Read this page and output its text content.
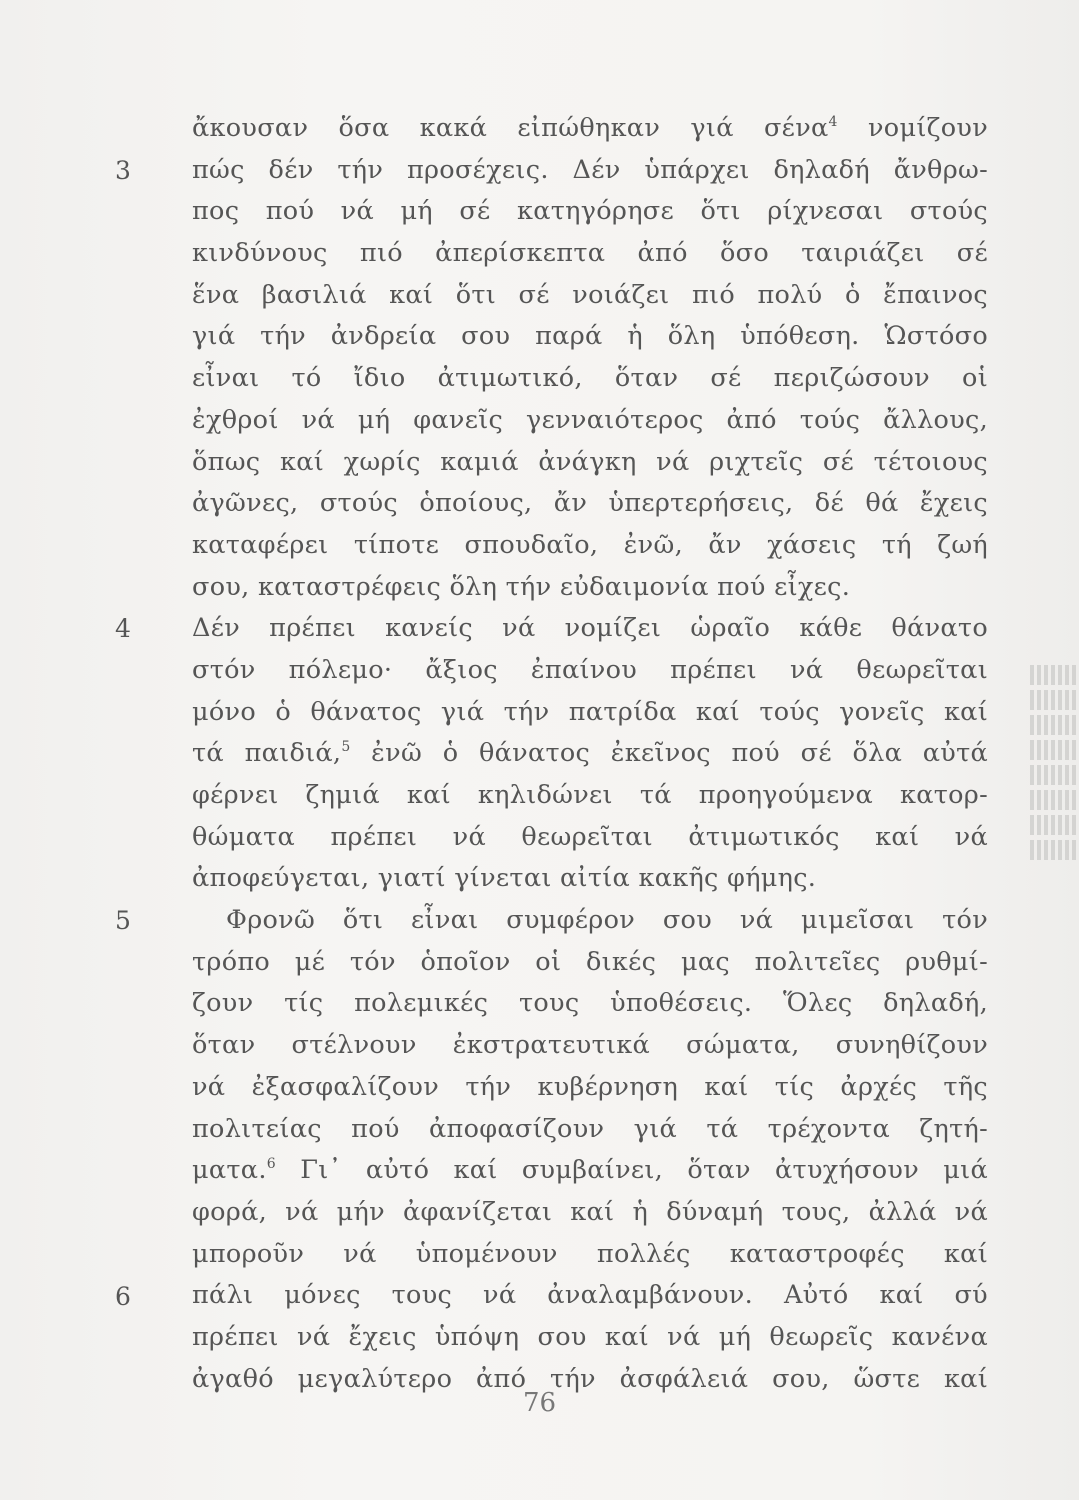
ἄκουσαν ὅσα κακά εἰπώθηκαν γιά σένα$^4$ νομίζουν
πώς δέν τήν προσέχεις. Δέν ὑπάρχει δηλαδή ἄνθρω-
πος πού νά μή σέ κατηγόρησε ὅτι ρίχνεσαι στούς
κινδύνους πιό ἀπερίσκεπτα ἀπό ὅσο ταιριάζει σέ
ἕνα βασιλιά καί ὅτι σέ νοιάζει πιό πολύ ὁ ἔπαινος
γιά τήν ἀνδρεία σου παρά ἡ ὅλη ὑπόθεση. Ὡστόσο
εἶναι τό ἴδιο ἀτιμωτικό, ὅταν σέ περιζώσουν οἱ
ἐχθροί νά μή φανεῖς γενναιότερος ἀπό τούς ἄλλους,
ὅπως καί χωρίς καμιά ἀνάγκη νά ριχτεῖς σέ τέτοιους
ἀγῶνες, στούς ὁποίους, ἄν ὑπερτερήσεις, δέ θά ἔχεις
καταφέρει τίποτε σπουδαῖο, ἐνῶ, ἄν χάσεις τή ζωή
σου, καταστρέφεις ὅλη τήν εὐδαιμονία πού εἶχες.
Δέν πρέπει κανείς νά νομίζει ὡραῖο κάθε θάνατο
στόν πόλεμο· ἄξιος ἐπαίνου πρέπει νά θεωρεῖται
μόνο ὁ θάνατος γιά τήν πατρίδα καί τούς γονεῖς καί
τά παιδιά,$^5$ ἐνῶ ὁ θάνατος ἐκεῖνος πού σέ ὅλα αὐτά
φέρνει ζημιά καί κηλιδώνει τά προηγούμενα κατορ-
θώματα πρέπει νά θεωρεῖται ἀτιμωτικός καί νά
ἀποφεύγεται, γιατί γίνεται αἰτία κακῆς φήμης.
Φρονῶ ὅτι εἶναι συμφέρον σου νά μιμεῖσαι τόν
τρόπο μέ τόν ὁποῖον οἱ δικές μας πολιτεῖες ρυθμί-
ζουν τίς πολεμικές τους ὑποθέσεις. Ὅλες δηλαδή,
ὅταν στέλνουν ἐκστρατευτικά σώματα, συνηθίζουν
νά ἐξασφαλίζουν τήν κυβέρνηση καί τίς ἀρχές τῆς
πολιτείας πού ἀποφασίζουν γιά τά τρέχοντα ζητή-
ματα.$^6$ Γι᾽ αὐτό καί συμβαίνει, ὅταν ἀτυχήσουν μιά
φορά, νά μήν ἀφανίζεται καί ἡ δύναμή τους, ἀλλά νά
μποροῦν νά ὑπομένουν πολλές καταστροφές καί
πάλι μόνες τους νά ἀναλαμβάνουν. Αὐτό καί σύ
πρέπει νά ἔχεις ὑπόψη σου καί νά μή θεωρεῖς κανένα
ἀγαθό μεγαλύτερο ἀπό τήν ἀσφάλειά σου, ὥστε καί
3
4
5
6
76
